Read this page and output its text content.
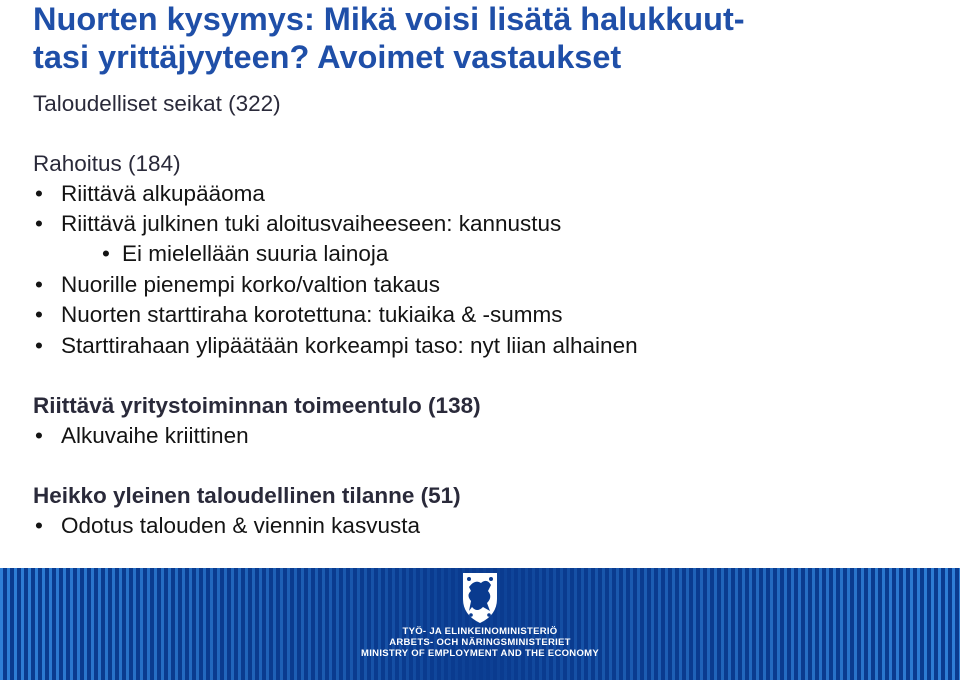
Nuorten kysymys: Mikä voisi lisätä halukkuut-
tasi yrittäjyyteen? Avoimet vastaukset
Taloudelliset seikat (322)
Rahoitus (184)
• Riittävä alkupääoma
• Riittävä julkinen tuki aloitusvaiheeseen: kannustus
• Ei mielellään suuria lainoja
• Nuorille pienempi korko/valtion takaus
• Nuorten starttiraha korotettuna: tukiaika & -summs
• Starttirahaan ylipäätään korkeampi taso: nyt liian alhainen
Riittävä yritystoiminnan toimeentulo (138)
• Alkuvaihe kriittinen
Heikko yleinen taloudellinen tilanne (51)
• Odotus talouden & viennin kasvusta
TYÖ- JA ELINKEINOMINISTERIÖ
ARBETS- OCH NÄRINGSMINISTERIET
MINISTRY OF EMPLOYMENT AND THE ECONOMY
